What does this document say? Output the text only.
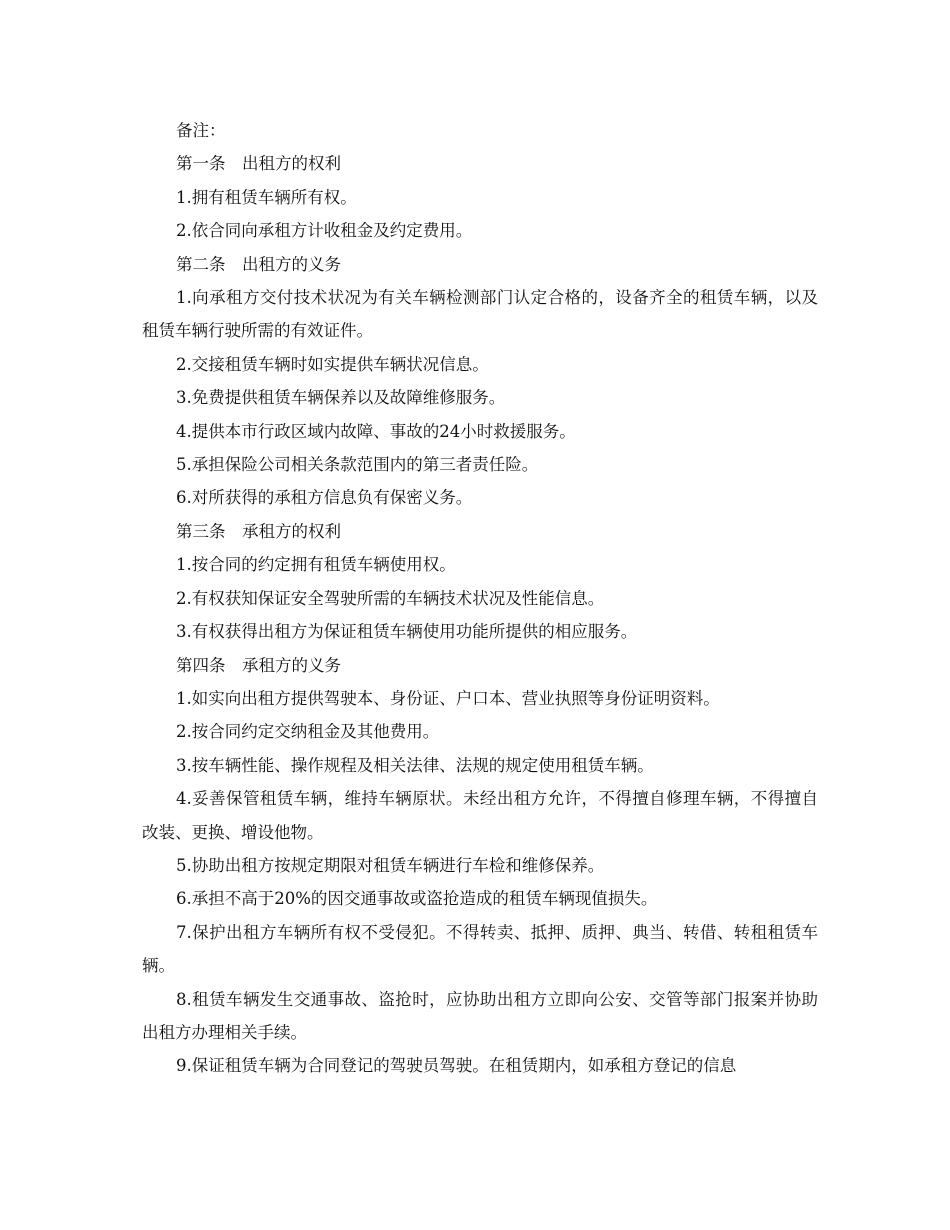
备注：

第一条　出租方的权利

1.拥有租赁车辆所有权。

2.依合同向承租方计收租金及约定费用。

第二条　出租方的义务

1.向承租方交付技术状况为有关车辆检测部门认定合格的，设备齐全的租赁车辆，以及租赁车辆行驶所需的有效证件。

2.交接租赁车辆时如实提供车辆状况信息。

3.免费提供租赁车辆保养以及故障维修服务。

4.提供本市行政区域内故障、事故的24小时救援服务。

5.承担保险公司相关条款范围内的第三者责任险。

6.对所获得的承租方信息负有保密义务。

第三条　承租方的权利

1.按合同的约定拥有租赁车辆使用权。

2.有权获知保证安全驾驶所需的车辆技术状况及性能信息。

3.有权获得出租方为保证租赁车辆使用功能所提供的相应服务。

第四条　承租方的义务

1.如实向出租方提供驾驶本、身份证、户口本、营业执照等身份证明资料。

2.按合同约定交纳租金及其他费用。

3.按车辆性能、操作规程及相关法律、法规的规定使用租赁车辆。

4.妥善保管租赁车辆，维持车辆原状。未经出租方允许，不得擅自修理车辆，不得擅自改装、更换、增设他物。

5.协助出租方按规定期限对租赁车辆进行车检和维修保养。

6.承担不高于20%的因交通事故或盗抢造成的租赁车辆现值损失。

7.保护出租方车辆所有权不受侵犯。不得转卖、抵押、质押、典当、转借、转租租赁车辆。

8.租赁车辆发生交通事故、盗抢时，应协助出租方立即向公安、交管等部门报案并协助出租方办理相关手续。

9.保证租赁车辆为合同登记的驾驶员驾驶。在租赁期内，如承租方登记的信息
